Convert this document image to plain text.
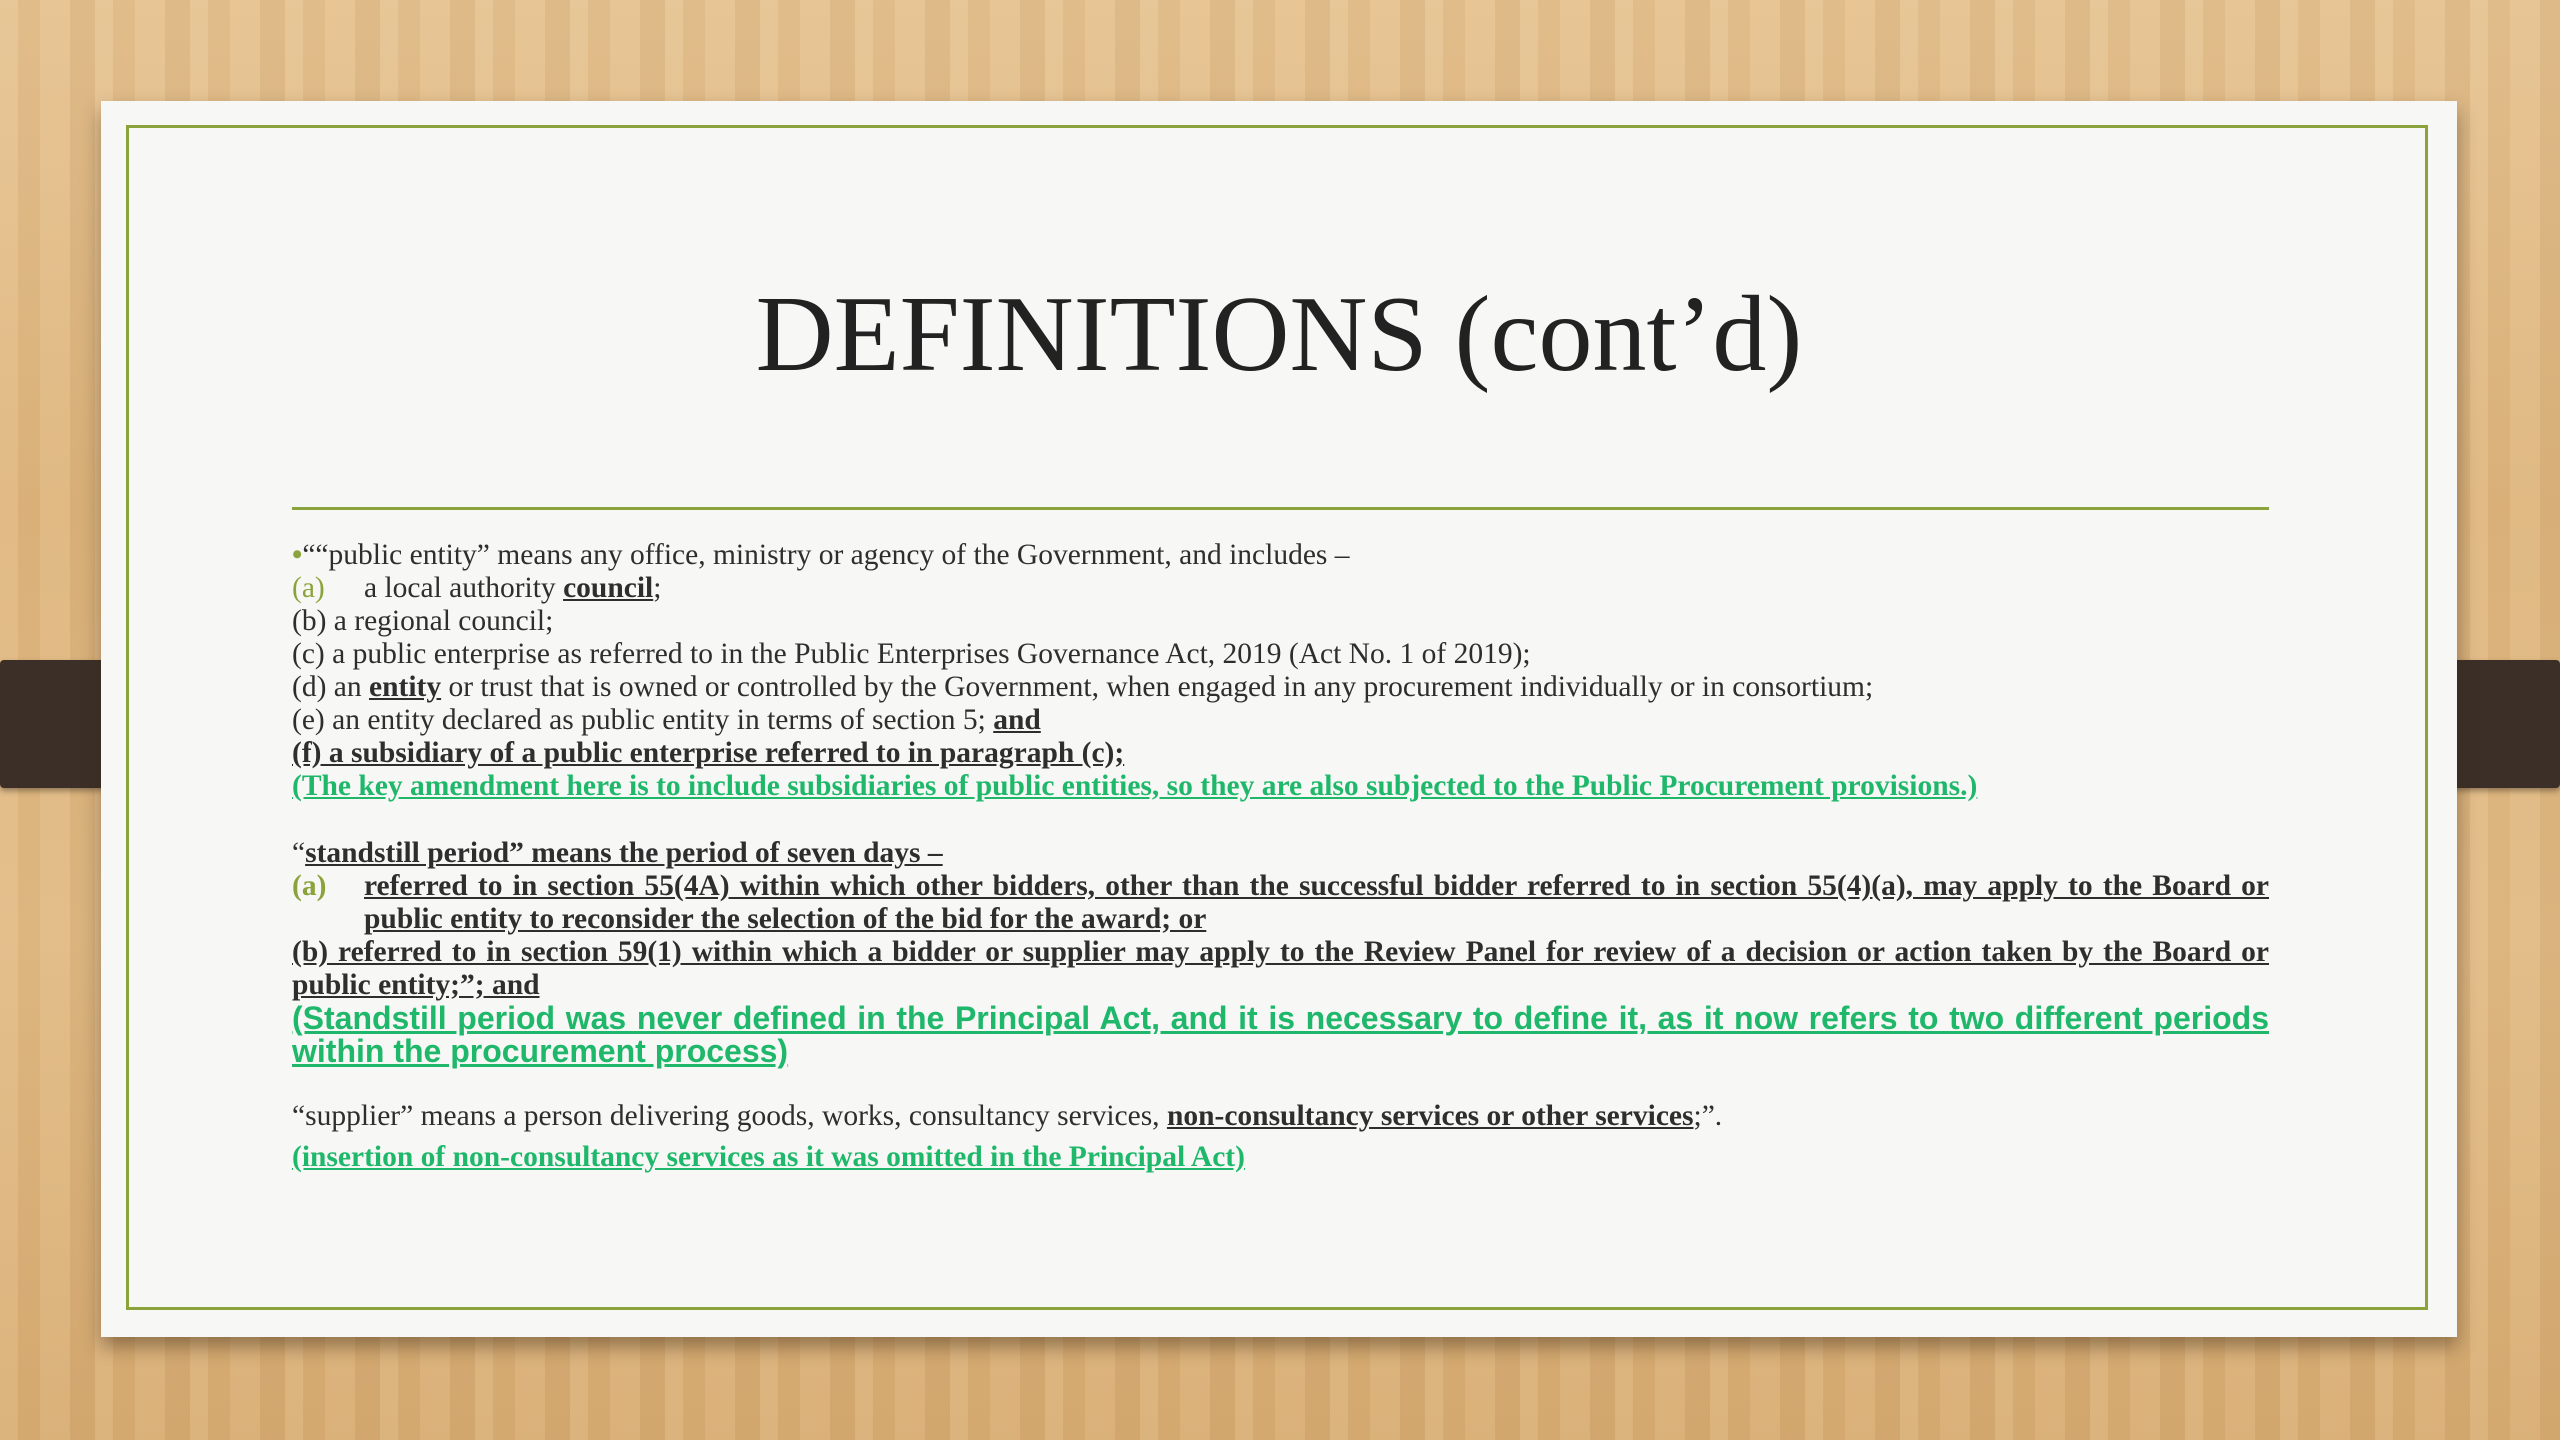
DEFINITIONS (cont’d)

•““public entity” means any office, ministry or agency of the Government, and includes –

(a) a local authority council;

(b) a regional council;

(c) a public enterprise as referred to in the Public Enterprises Governance Act, 2019 (Act No. 1 of 2019);

(d) an entity or trust that is owned or controlled by the Government, when engaged in any procurement individually or in consortium;

(e) an entity declared as public entity in terms of section 5; and

(f) a subsidiary of a public enterprise referred to in paragraph (c);

(The key amendment here is to include subsidiaries of public entities, so they are also subjected to the Public Procurement provisions.)

“standstill period” means the period of seven days –

(a)	referred to in section 55(4A) within which other bidders, other than the successful bidder referred to in section 55(4)(a), may apply to the Board or public entity to reconsider the selection of the bid for the award; or

(b) referred to in section 59(1) within which a bidder or supplier may apply to the Review Panel for review of a decision or action taken by the Board or public entity;”; and

(Standstill period was never defined in the Principal Act, and it is necessary to define it, as it now refers to two different periods within the procurement process)

“supplier” means a person delivering goods, works, consultancy services, non-consultancy services or other services;”.

(insertion of non-consultancy services as it was omitted in the Principal Act)
